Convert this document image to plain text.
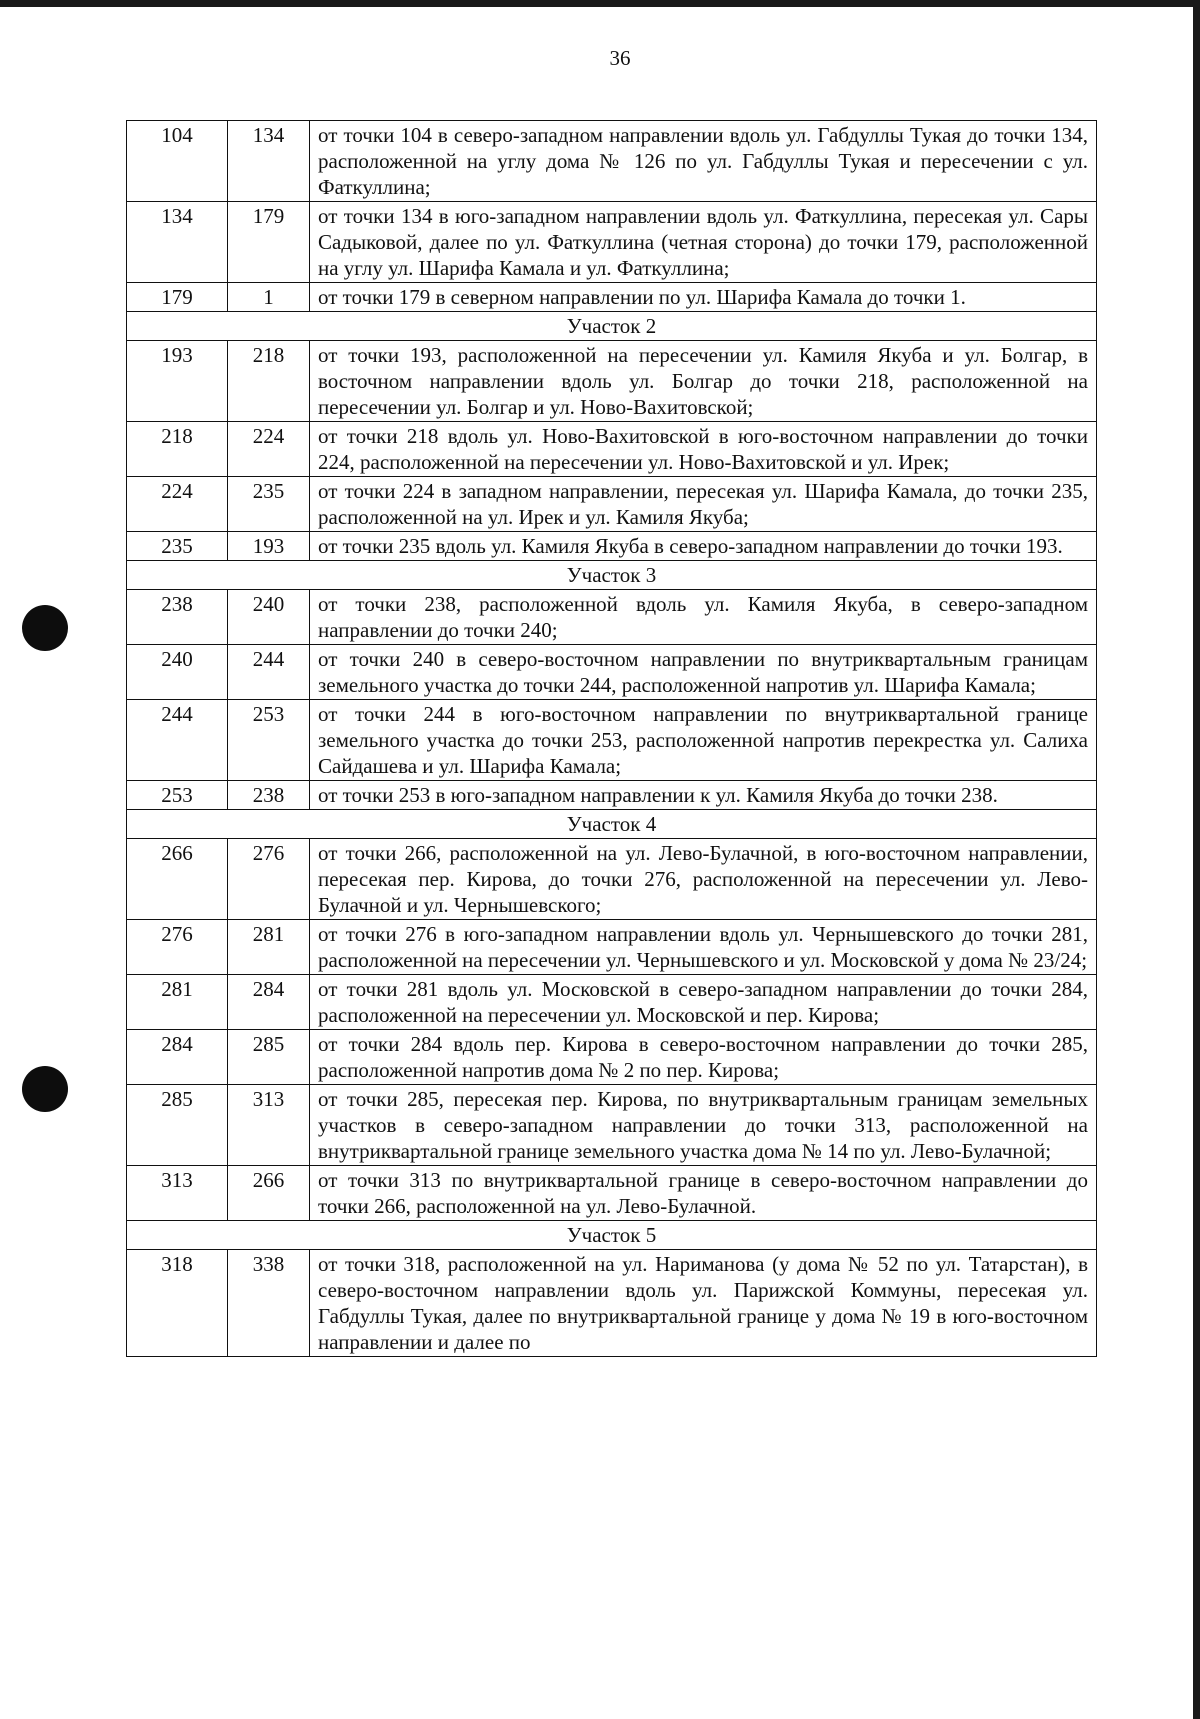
36
104	134	от точки 104 в северо-западном направлении вдоль ул. Габдуллы Тукая до точки 134, расположенной на углу дома № 126 по ул. Габдуллы Тукая и пересечении с ул. Фаткуллина;
134	179	от точки 134 в юго-западном направлении вдоль ул. Фаткуллина, пересекая ул. Сары Садыковой, далее по ул. Фаткуллина (четная сторона) до точки 179, расположенной на углу ул. Шарифа Камала и ул. Фаткуллина;
179	1	от точки 179 в северном направлении по ул. Шарифа Камала до точки 1.
Участок 2		
193	218	от точки 193, расположенной на пересечении ул. Камиля Якуба и ул. Болгар, в восточном направлении вдоль ул. Болгар до точки 218, расположенной на пересечении ул. Болгар и ул. Ново-Вахитовской;
218	224	от точки 218 вдоль ул. Ново-Вахитовской в юго-восточном направлении до точки 224, расположенной на пересечении ул. Ново-Вахитовской и ул. Ирек;
224	235	от точки 224 в западном направлении, пересекая ул. Шарифа Камала, до точки 235, расположенной на ул. Ирек и ул. Камиля Якуба;
235	193	от точки 235 вдоль ул. Камиля Якуба в северо-западном направлении до точки 193.
Участок 3		
238	240	от точки 238, расположенной вдоль ул. Камиля Якуба, в северо-западном направлении до точки 240;
240	244	от точки 240 в северо-восточном направлении по внутриквартальным границам земельного участка до точки 244, расположенной напротив ул. Шарифа Камала;
244	253	от точки 244 в юго-восточном направлении по внутриквартальной границе земельного участка до точки 253, расположенной напротив перекрестка ул. Салиха Сайдашева и ул. Шарифа Камала;
253	238	от точки 253 в юго-западном направлении к ул. Камиля Якуба до точки 238.
Участок 4		
266	276	от точки 266, расположенной на ул. Лево-Булачной, в юго-восточном направлении, пересекая пер. Кирова, до точки 276, расположенной на пересечении ул. Лево-Булачной и ул. Чернышевского;
276	281	от точки 276 в юго-западном направлении вдоль ул. Чернышевского до точки 281, расположенной на пересечении ул. Чернышевского и ул. Московской у дома № 23/24;
281	284	от точки 281 вдоль ул. Московской в северо-западном направлении до точки 284, расположенной на пересечении ул. Московской и пер. Кирова;
284	285	от точки 284 вдоль пер. Кирова в северо-восточном направлении до точки 285, расположенной напротив дома № 2 по пер. Кирова;
285	313	от точки 285, пересекая пер. Кирова, по внутриквартальным границам земельных участков в северо-западном направлении до точки 313, расположенной на внутриквартальной границе земельного участка дома № 14 по ул. Лево-Булачной;
313	266	от точки 313 по внутриквартальной границе в северо-восточном направлении до точки 266, расположенной на ул. Лево-Булачной.
Участок 5		
318	338	от точки 318, расположенной на ул. Нариманова (у дома № 52 по ул. Татарстан), в северо-восточном направлении вдоль ул. Парижской Коммуны, пересекая ул. Габдуллы Тукая, далее по внутриквартальной границе у дома № 19 в юго-восточном направлении и далее по
